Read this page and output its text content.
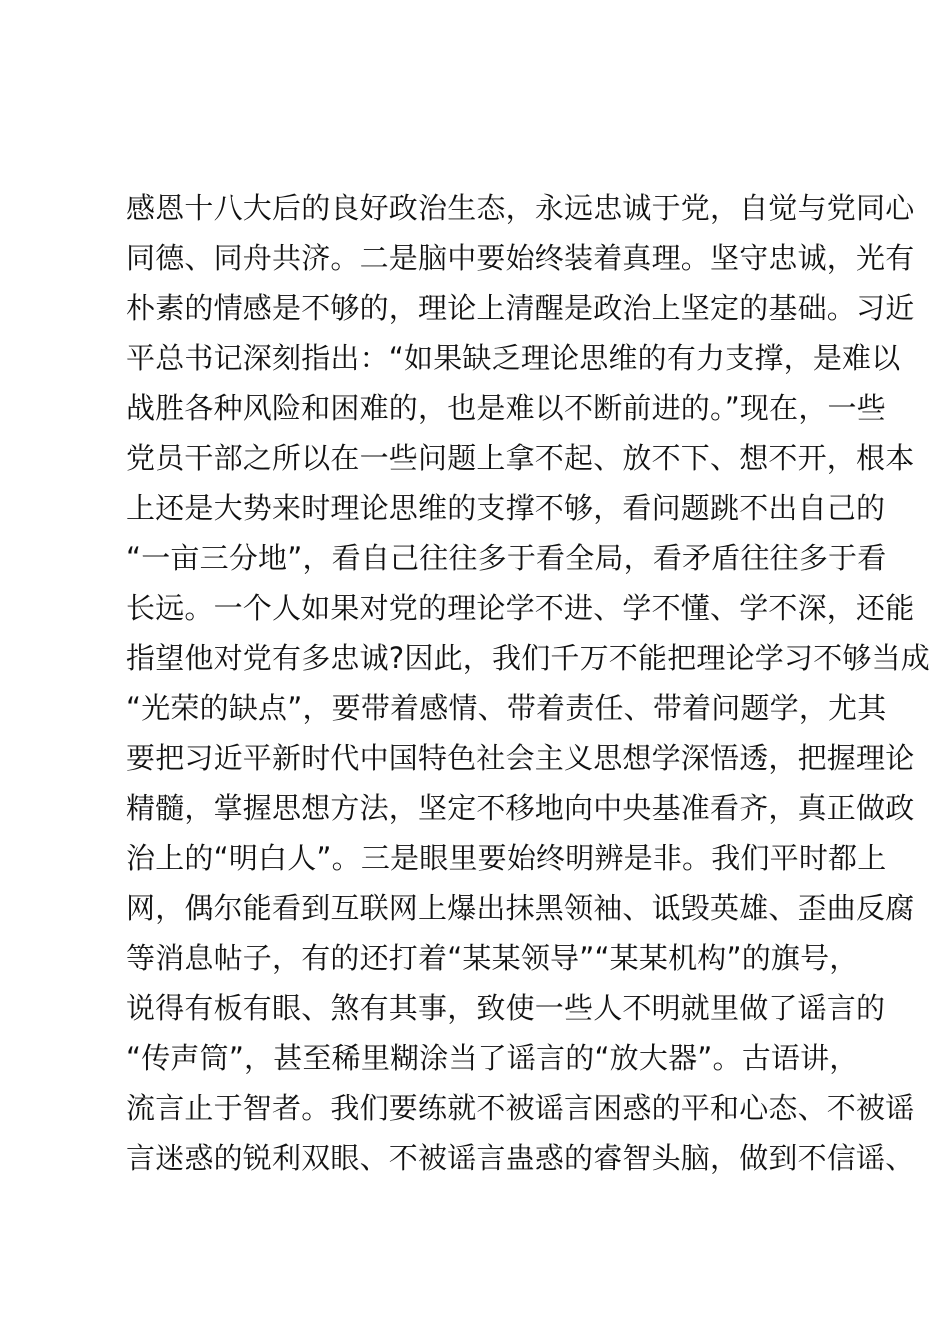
感恩十八大后的良好政治生态，永远忠诚于党，自觉与党同心
同德、同舟共济。二是脑中要始终装着真理。坚守忠诚，光有
朴素的情感是不够的，理论上清醒是政治上坚定的基础。习近
平总书记深刻指出：“如果缺乏理论思维的有力支撑，是难以
战胜各种风险和困难的，也是难以不断前进的。”现在，一些
党员干部之所以在一些问题上拿不起、放不下、想不开，根本
上还是大势来时理论思维的支撑不够，看问题跳不出自己的
“一亩三分地”，看自己往往多于看全局，看矛盾往往多于看
长远。一个人如果对党的理论学不进、学不懂、学不深，还能
指望他对党有多忠诚?因此，我们千万不能把理论学习不够当成
“光荣的缺点”，要带着感情、带着责任、带着问题学，尤其
要把习近平新时代中国特色社会主义思想学深悟透，把握理论
精髓，掌握思想方法，坚定不移地向中央基准看齐，真正做政
治上的“明白人”。三是眼里要始终明辨是非。我们平时都上
网，偶尔能看到互联网上爆出抹黑领袖、诋毁英雄、歪曲反腐
等消息帖子，有的还打着“某某领导”“某某机构”的旗号，
说得有板有眼、煞有其事，致使一些人不明就里做了谣言的
“传声筒”，甚至稀里糊涂当了谣言的“放大器”。古语讲，
流言止于智者。我们要练就不被谣言困惑的平和心态、不被谣
言迷惑的锐利双眼、不被谣言蛊惑的睿智头脑，做到不信谣、
